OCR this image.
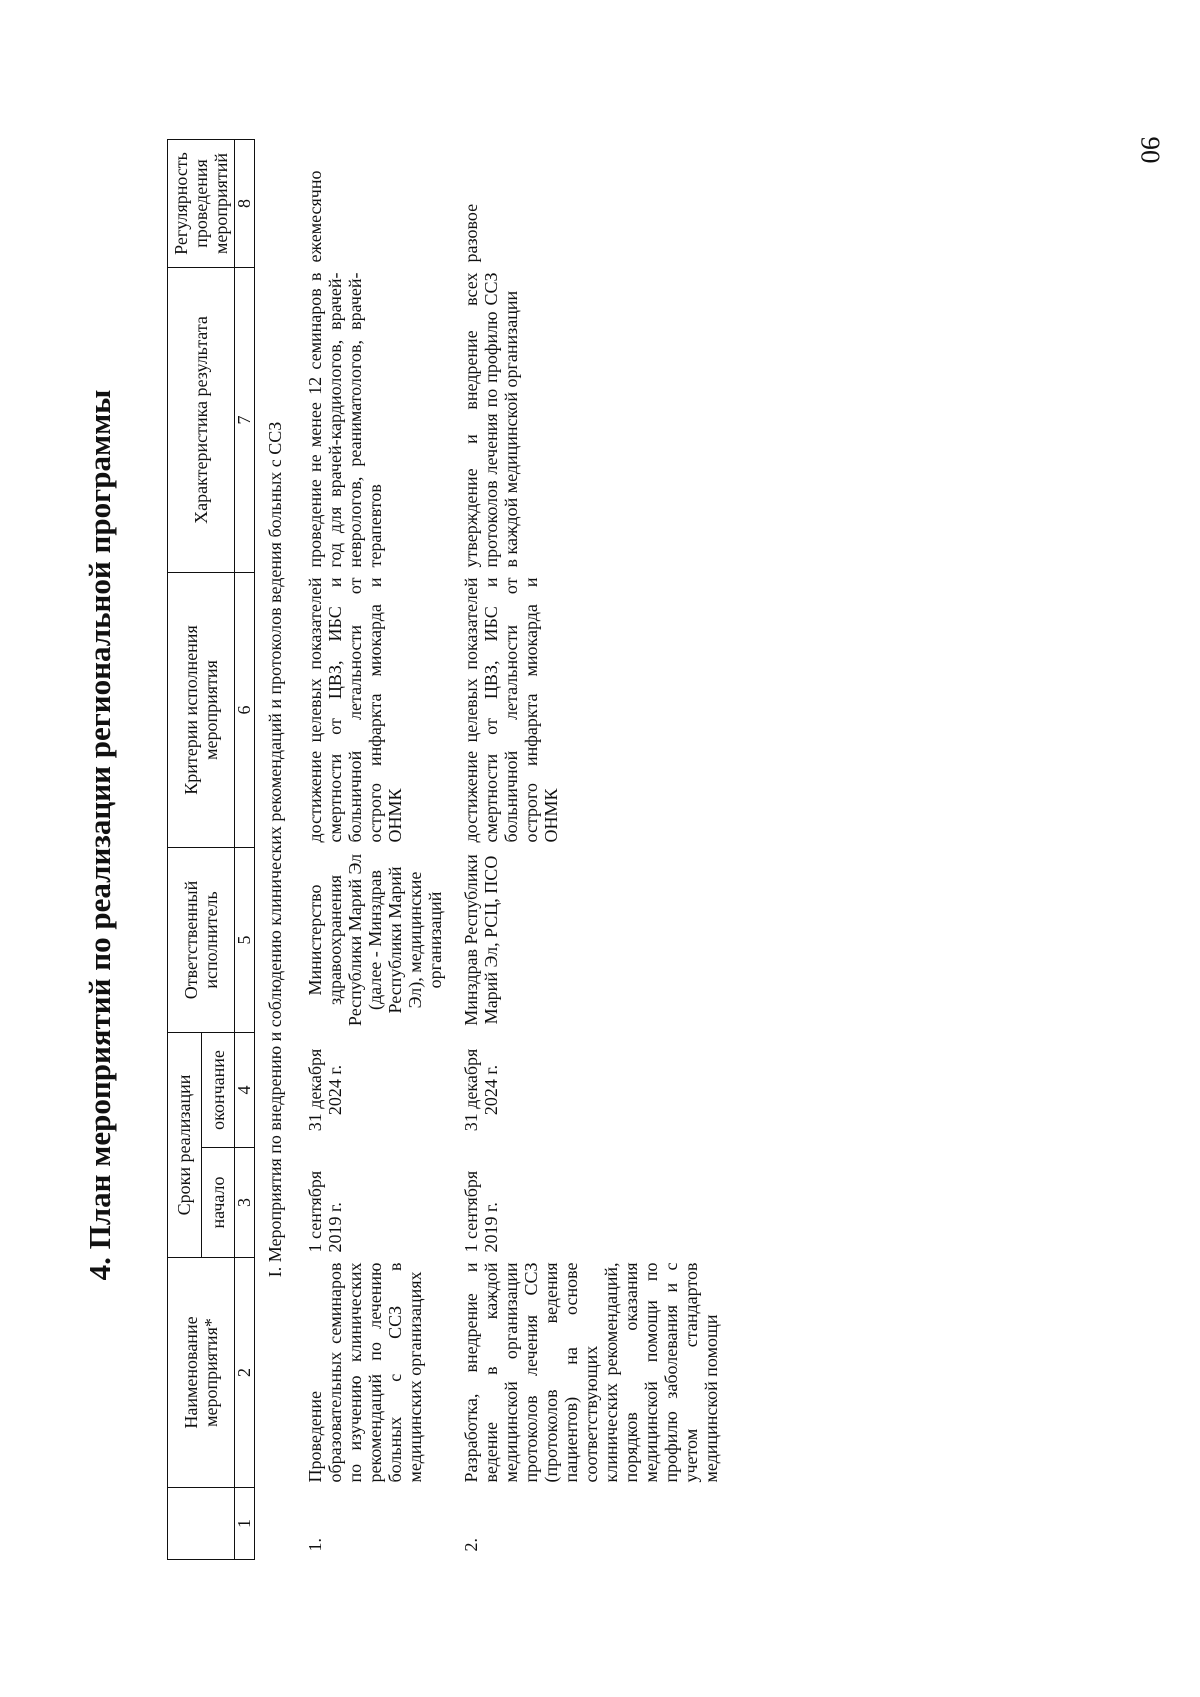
90
4. План мероприятий по реализации региональной программы
	Наименование мероприятия*	Сроки реализации		Ответственный исполнитель	Критерии исполнения мероприятия	Характеристика результата	Регулярность проведения мероприятий
		начало	окончание				
1	2	3	4	5	6	7	8
I. Мероприятия по внедрению и соблюдению клинических рекомендаций и протоколов ведения больных с ССЗ							
1.	Проведение образовательных семинаров по изучению клинических рекомендаций по лечению больных с ССЗ в медицинских организациях	1 сентября 2019 г.	31 декабря 2024 г.	Министерство здравоохранения Республики Марий Эл (далее - Минздрав Республики Марий Эл), медицинские организаций	достижение целевых показателей смертности от ЦВЗ, ИБС и больничной летальности от острого инфаркта миокарда и ОНМК	проведение не менее 12 семинаров в год для врачей-кардиологов, врачей-неврологов, реаниматологов, врачей-терапевтов	ежемесячно
2.	Разработка, внедрение и ведение в каждой медицинской организации протоколов лечения ССЗ (протоколов ведения пациентов) на основе соответствующих клинических рекомендаций, порядков оказания медицинской помощи по профилю заболевания и с учетом стандартов медицинской помощи	1 сентября 2019 г.	31 декабря 2024 г.	Минздрав Республики Марий Эл, РСЦ, ПСО	достижение целевых показателей смертности от ЦВЗ, ИБС и больничной летальности от острого инфаркта миокарда и ОНМК	утверждение и внедрение всех протоколов лечения по профилю ССЗ в каждой медицинской организации	разовое
